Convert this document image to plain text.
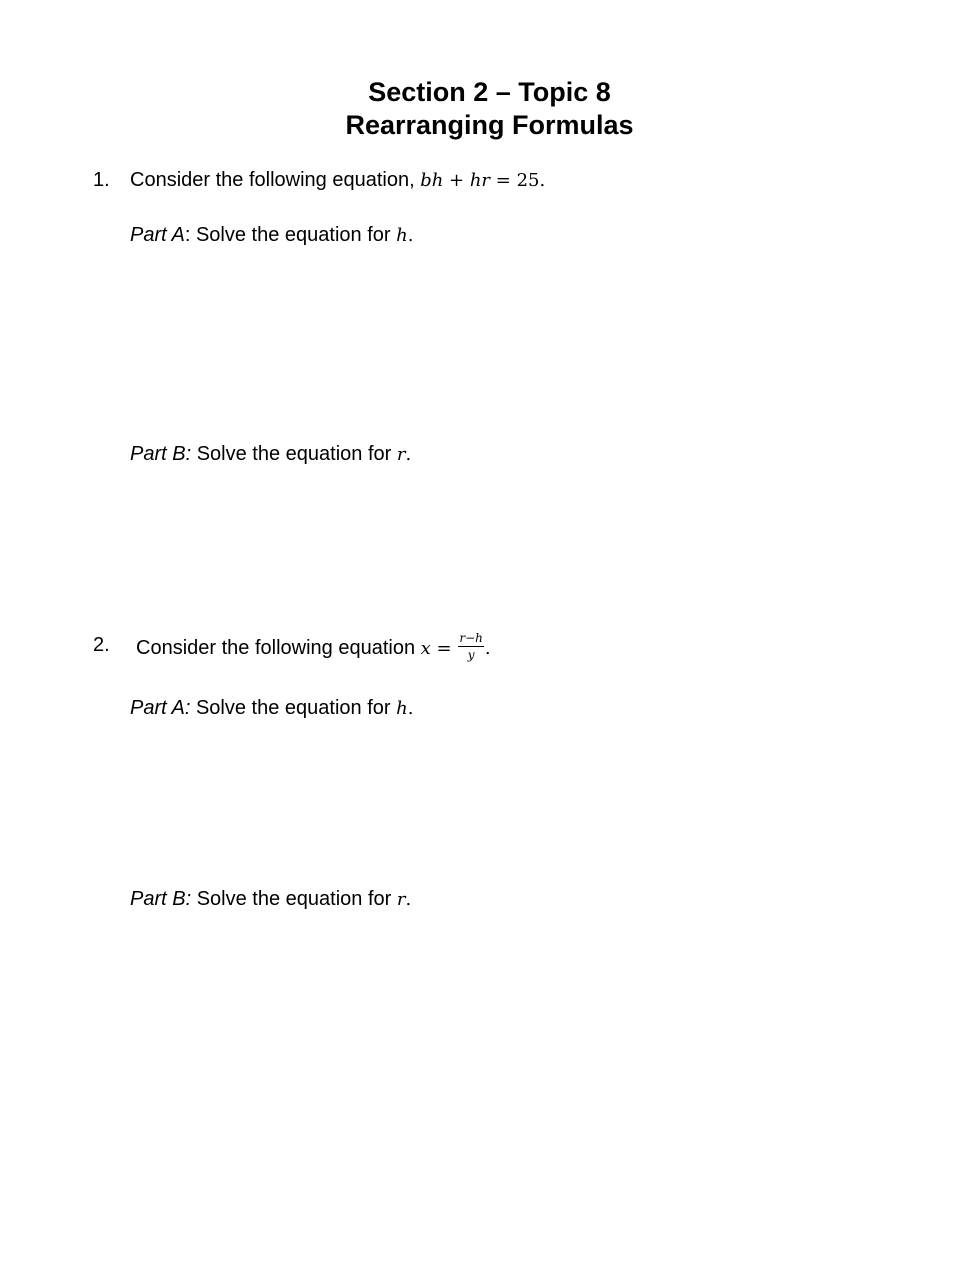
Section 2 – Topic 8
Rearranging Formulas
1. Consider the following equation, bh + hr = 25.
Part A: Solve the equation for h.
Part B: Solve the equation for r.
2. Consider the following equation $x = \frac{r-h}{y}$ .
Part A: Solve the equation for h.
Part B: Solve the equation for r.
